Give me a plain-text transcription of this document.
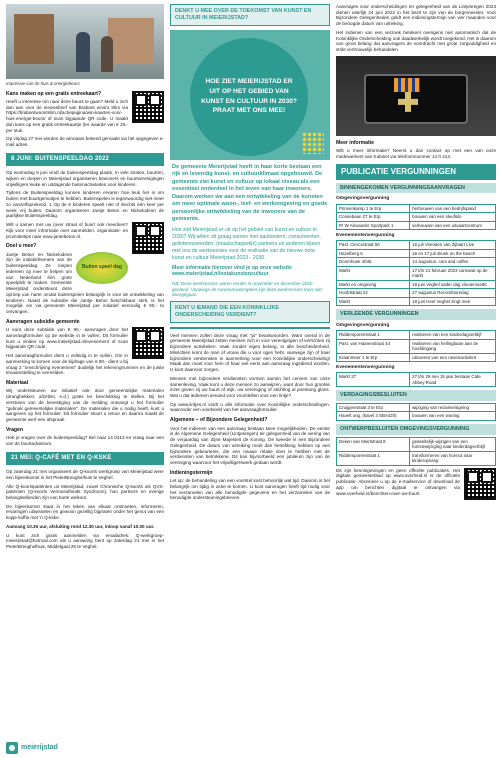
Impressie van de huis & energiebeurs
Kans maken op een gratis entreekaart?

Heeft u interesse om naar deze beurs te gaan? Meld u zich dan aan voor de nieuwsbrief van Brabant woont Slim via https://brabantwoontslim.nl/actiepagina/win-kaarten-voor-huis-energie-beurs/ of scan bijgaande QR code. U maakt dan kans op een gratis entreekaartje (ter waarde van € 20,- per stuk.

Op vrijdag 27 mei worden de winnaars bekend gemaakt via het opgegeven e-mail adres.

8 JUNI: BUITENSPEELDAG 2022

Op woensdag 8 juni vindt de buitenspeeldag plaats. In vele straten, buurten, wijken en dorpen in Meierijstad organiseren bewoners en buurtverenigingen vrijwilligers leuke en uitdagende buitenactiviteiten voor kinderen.

Tijdens de Buitenspeeldag kunnen kinderen ervaren hoe leuk het is om buiten met buurtgenootjes te hebben. Buitenspelen is tegenwoordig niet meer zo vanzelfsprekend. 1 Op de 5 kinderen speelt niet of slechts één keer per week vrij buiten. Daarom organiseren Jantje Beton en Nickelodeon de jaarlijkse Buitenspeeldag.

Wilt u samen met uw (over straat of buurt ook meedoen? Kijk voor meer informatie over aanmelden, organisatie- en promotietips naar www.jantebeton.nl.

Doel u mee?
Buiten speel dag

Jantje Beton en Nickelodeon zijn de initiatiefnemers van de buitenspeeldag. Ze roepen iedereen op mee te helpen om van Nederland één grote speelplek te maken. Gemeente Meierijstad ondersteunt deze oproep van harte omdat buitenspelen belangrijk is voor de ontwikkeling van kinderen. Naast de subsidie die Jantje Beton beschikbaar stelt, is het mogelijk om via gemeente Meierijstad per initiatief eenmalig € 90,- te ontvangen.

Aanvragen subsidie gemeente

U kunt deze subsidie van € 90,- aanvragen door het aanvraagformulier op de website in te vullen. Dit formulier kunt u vinden op www.meierijstad.nl/evenement of scan bijgaande QR code.

Het aanvraagformulier dient u volledig in te vullen. Om in aanmerking te komen voor de bijdrage van € 90,- dient u bij vraag 2 "omschrijving evenement" duidelijk het rekeningnummer en de juiste tenaamstelling te vermelden.

Materiaal

Wij ondersteunen uw initiatief ook door gemeentelijke materialen (dranghekken, afzetlint, e.d.) gratis ter beschikking te stellen. Bij het versturen van de bevestiging van de melding ontvangt u het formulier "gebruik gemeentelijke materialen". De materialen die u nodig heeft, kunt u aangeven op het formulier. Dit formulier stuurt u retour en daarna maakt de gemeente werf een afspraak.

Vragen

Heb je vragen over de buitenspeeldag? Bel naar 14 0413 en vraag naar een van de buurtadviseurs.

21 MEI: Q-CAFÉ MET EN Q-KSKE

Op zaterdag 21 mei organiseert de Q-koorts werkgroep van Meierijstad weer een bijeenkomst in het PieterBreughelhuis te Veghel.

Alle Q-koortspatiënten uit Meierijstad, zowel Chronische Q-koorts als QVS-patiënten (Q-koorts Vermoeidheids Syndroom), hun partners en overige belangstellenden zijn van harte welkom.

De bijeenkomst staat in het teken van elkaar ontmoeten, informeren, ervaringen uitwisselen en gewoon gezellig bijpraten onder het genot van een kopje koffie met 'n Q-kske.

Aanvang 10.30 uur, afsluiting rond 12.30 uur, inloop vanaf 10.00 uur.

U kunt zich gratis aanmelden via emailadres: Q-werkgroep-meierijstad@hotmail.com als u aanwezig bent op zaterdag 21 mei in het PieterBreughelhuis, Middelgaal 25 te Veghel.

DENKT U MEE OVER DE TOEKOMST VAN KUNST EN CULTUUR IN MEIERIJSTAD?
HOE ZIET MEIERIJSTAD ER UIT OP HET GEBIED VAN KUNST EN CULTUUR IN 2030? PRAAT MET ONS MEE!
De gemeente Meierijstad heeft in haar korte bestaan een rijk en levendig kunst- en cultuurklimaat opgebouwd. De gemeente ziet kunst en cultuur op lokaal niveau als een essentieel onderdeel in het leven van haar inwoners. Daarom werken we aan een ontwikkeling van de kunsten om meer optimale woon-, leef- en werkomgeving en goede persoonlijke ontwikkeling van de inwoners van de gemeente.
Hoe ziet Meierijstad er uit op het gebied van kunst en cultuur in 2030? Wij willen dit graag samen met aanbieders, consumenten, gelinteresseerden, (maatschappelijk) partners en anderen bijeen met ons de werksessies voor de realisatie van de nieuwe nota kunst en cultuur Meierijstad 2023 - 2030.
Meer informatie hierover vind je op onze website www.meierijstad.nl/notakunstencultuur
NB: Deze werksessies waren eerder in november en december 2020 gepland. Vanwege de coronamaatregelen zijn deze werksessies toen niet doorgegaan.
KENT U IEMAND DIE EEN KONINKLIJKE ONDERSCHEIDING VERDIENT?

Veel mensen zullen deze vraag met "ja" beantwoorden. Want overal in de gemeente Meierijstad zetten mensen zich in voor verenigingen of verrichten zij bijzondere activiteiten. Vaak zonder eigen belang, in alle bescheidenheid. Misschien komt de man of vrouw die u voor ogen hebt, vanwege zijn of haar bijzondere verdiensten in aanmerking voor een Koninklijke onderscheiding! Maak dan moet voor hem of haar wel eerst aan aanvraag ingediend worden. U kunt daarvoor zorgen.

Mensen met bijzondere verdiensten vormen samen het cement van onze samenleving. Vaak kunt u deze mensen zo aanwijzen, want door hun grootse inzet geven zij uw buurt of wijk, uw vereniging of stichting al jarenlang glans. Wat u dat iedereen iemand voor voorstellen voor een lintje?

Op www.lintjes.nl vindt u alle informatie over Koninklijke onderscheidingen, waaronder een voorbeeld van het aanvraagformulier.

Algemene – of Bijzondere Gelegenheid?

Voor het indienen van een aanvraag bestaan twee mogelijkheden. De eerste is de Algemene Gelegenheid (Lintjesregen) ter gelegenheid van de viering van de verjaardag van Zijne Majesteit de Koning. De tweede is een Bijzondere Gelegenheid. De datum van uitreiking moet dan betrekking hebben op een bijzondere gebeurtenis, die een nauwe relatie doet te hebben met de verdiensten van betrokkene. Dit kan bijvoorbeeld een jubileum zijn van de vereniging waarvoor het vrijwilligerswerk gedaan wordt.

Indieningstermijn

Let op: de behandeling van een voorstel kost behoorlijk wat tijd. Daarom is het belangrijk om tijdig in actie te komen. U kunt aanvragen heeft tijd nodig voor het verzamelen van alle benodigde gegevens en het verzamelen van de benodigde ondersteuningsbrieven.

Aanvragen voor onderscheidingen ter gelegenheid van de Lintjesregen 2023 dienen uiterlijk 24 juni 2022 in het bezit te zijn van de burgemeester. Voor Bijzondere Gelegenheden geldt een indieningstermijn van vier maanden voor de beoogde datum van uitreiking.

Het indienen van een verzoek betekent overigens niet automatisch dat de Koninklijke Onderscheiding ook daadwerkelijk wordt toegekend. Het is daarom van groot belang dat aanvragers de voordracht met grote zorgvuldigheid en strikt vertrouwelijk behandelen.

Meer informatie

Wilt u meer informatie? Neemt u dan contact op met een van onze medewerkers van Kabinet via telefoonnummer 14 0 413.

PUBLICATIE VERGUNNINGEN
BINNENGEKOMEN VERGUNNINGSAANVRAGEN
Omgevingsvergunning
Prinsenkamp 1 te Erp	herbouwen van een bedrijfspand
Coosebaan 27 te Erp	bouwen van een sleufsilo
Pr W Alexander Sportpark 1	verbouwen van een uitvaartcentrum
Evenementenvergunning
Past. Clercxstraat 50	16 juli Vrienden van Zijlaart Live
Hazelberg 5	16 en 17 juli skunk on the beach
Doornhoek 4045	14 augustus. cars and coffee
Markt	17 t/m 21 februari 2023 carnaval op de markt
Markt en omgeving	19 juni Veghel vader dag vlooienmarkt
Hoofdstraat 22	27 augustus Recordstoredag
Markt	18 juni Heel Veghel zingt mee
VERLEENDE VERGUNNINGEN
Omgevingsvergunning
Riddersporenstraat 1	realiseren van een kinderdagverblijf
Past. van Haarenstraat 44	realiseren van hellingbaan aan de hoofdingang
Kraanmeer 1 te Erp	uitvoeren van een nevenactiviteit
Evenementenvergunning
Markt 27	27 t/m 29 mei 15 jaar bestaan Cafe Abbey Road
VERDAGINGSBESLUITEN
Cruijgenstraat 3 te Erp	wijziging van reclame/signing
Havelt ong. (kavel 3 SBA420)	bouwen van een woning
ONTWERPBESLUITEN OMGEVINGSVERGUNNING
Deken van Miertstraat 8	gedeeltelijk wijzigen van een functiewijziging naar kinderdagverblijf
Riddersporenstraat 1	transformeren van horeca naar kinderopvang

Dit zijn kennisgevingen en geen officiële publicaties. Het digitale gemeenteblad op www.overheid.nl is de officiële publicatie. Abonneer u op de e-mailservice of download de app om berichten digitaal te ontvangen via www.overheid.nl/berichten-over-uw-buurt.

meierijstad
